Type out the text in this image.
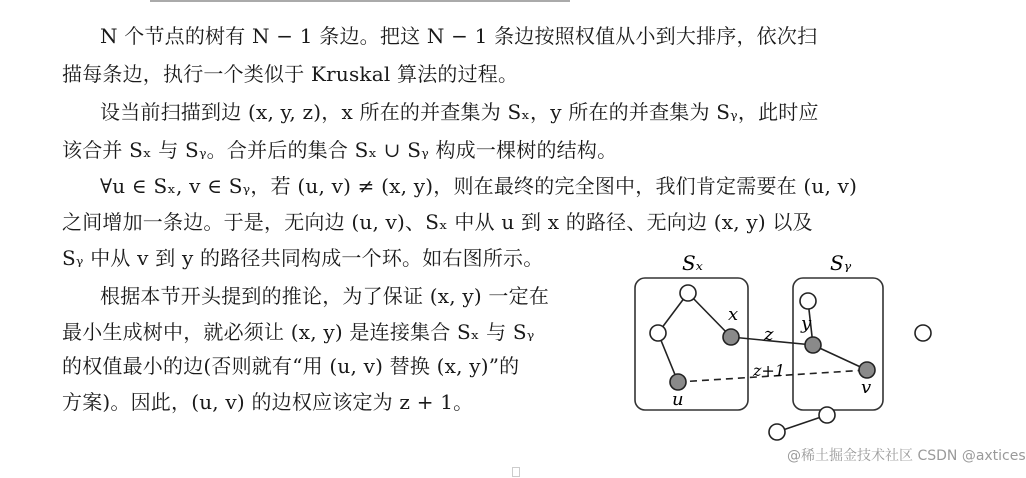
N 个节点的树有 N − 1 条边。把这 N − 1 条边按照权值从小到大排序，依次扫
描每条边，执行一个类似于 Kruskal 算法的过程。
设当前扫描到边 (x, y, z)，x 所在的并查集为 Sₓ，y 所在的并查集为 Sᵧ，此时应
该合并 Sₓ 与 Sᵧ。合并后的集合 Sₓ ∪ Sᵧ 构成一棵树的结构。
∀u ∈ Sₓ, v ∈ Sᵧ，若 (u, v) ≠ (x, y)，则在最终的完全图中，我们肯定需要在 (u, v)
之间增加一条边。于是，无向边 (u, v)、Sₓ 中从 u 到 x 的路径、无向边 (x, y) 以及
Sᵧ 中从 v 到 y 的路径共同构成一个环。如右图所示。
根据本节开头提到的推论，为了保证 (x, y) 一定在
最小生成树中，就必须让 (x, y) 是连接集合 Sₓ 与 Sᵧ
的权值最小的边(否则就有“用 (u, v) 替换 (x, y)”的
方案)。因此，(u, v) 的边权应该定为 z + 1。
Sₓ	Sᵧ
x	y
u
v
z
z+1
@稀土掘金技术社区 CSDN @axtices
